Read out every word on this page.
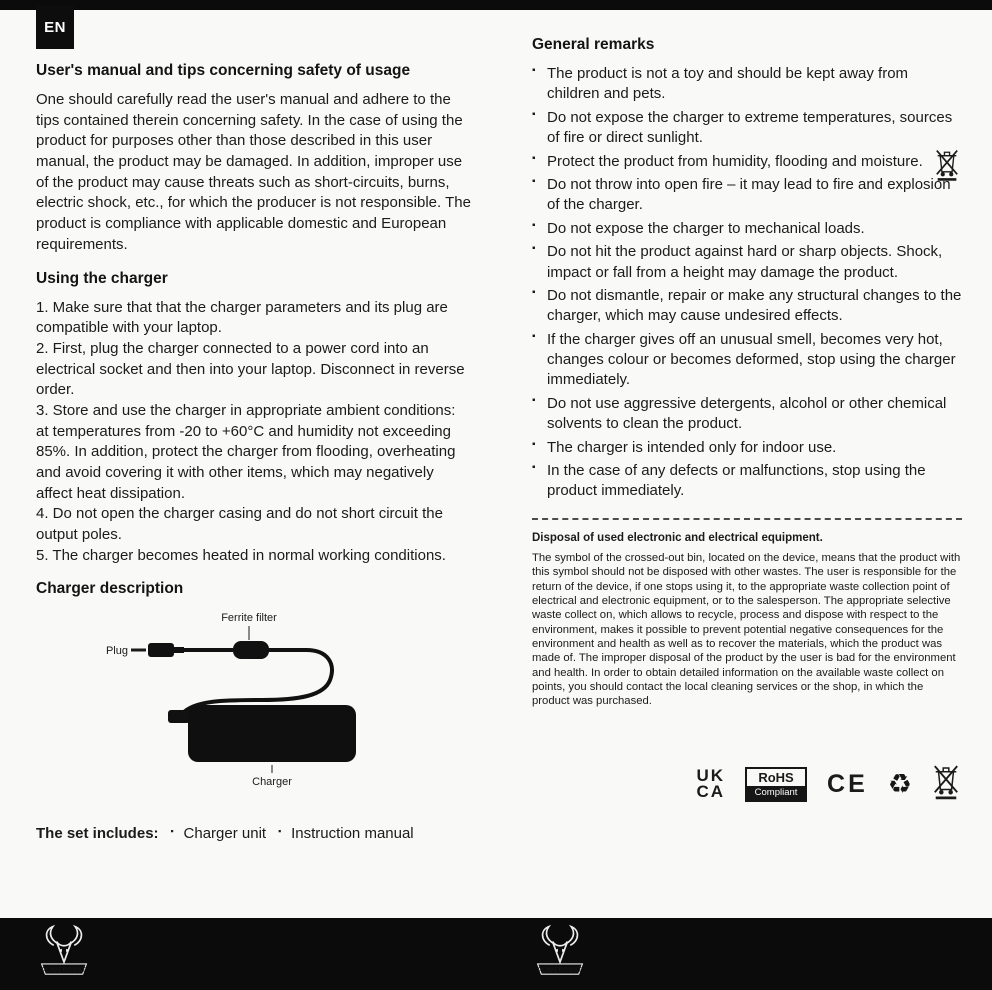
EN
User's manual and tips concerning safety of usage

One should carefully read the user's manual and adhere to the tips contained therein concerning safety. In the case of using the product for purposes other than those described in this user manual, the product may be damaged. In addition, improper use of the product may cause threats such as short-circuits, burns, electric shock, etc., for which the producer is not responsible. The product is compliance with applicable domestic and European requirements.

Using the charger
1. Make sure that that the charger parameters and its plug are compatible with your laptop.
2. First, plug the charger connected to a power cord into an electrical socket and then into your laptop. Disconnect in reverse order.
3. Store and use the charger in appropriate ambient conditions: at temperatures from -20 to +60°C and humidity not exceeding 85%. In addition, protect the charger from flooding, overheating and avoid covering it with other items, which may negatively affect heat dissipation.
4. Do not open the charger casing and do not short circuit the output poles.
5. The charger becomes heated in normal working conditions.
Charger description
Ferrite filter
Plug
Charger
The set includes:	▪ Charger unit	▪ Instruction manual
General remarks
▪ The product is not a toy and should be kept away from children and pets.
▪ Do not expose the charger to extreme temperatures, sources of fire or direct sunlight.
▪ Protect the product from humidity, flooding and moisture.
▪ Do not throw into open fire – it may lead to fire and explosion of the charger.
▪ Do not expose the charger to mechanical loads.
▪ Do not hit the product against hard or sharp objects. Shock, impact or fall from a height may damage the product.
▪ Do not dismantle, repair or make any structural changes to the charger, which may cause undesired effects.
▪ If the charger gives off an unusual smell, becomes very hot, changes colour or becomes deformed, stop using the charger immediately.
▪ Do not use aggressive detergents, alcohol or other chemical solvents to clean the product.
▪ The charger is intended only for indoor use.
▪ In the case of any defects or malfunctions, stop using the product immediately.
Disposal of used electronic and electrical equipment.

The symbol of the crossed-out bin, located on the device, means that the product with this symbol should not be disposed with other wastes. The user is responsible for the return of the device, if one stops using it, to the appropriate waste collection point of electrical and electronic equipment, or to the salesperson. The appropriate selective waste collect on, which allows to recycle, process and dispose with respect to the environment, makes it possible to prevent potential negative consequences for the environment and health as well as to recover the materials, which the product was made of. The improper disposal of the product by the user is bad for the environment and health. In order to obtain detailed information on the available waste collect on points, you should contact the local cleaning services or the shop, in which the product was purchased.

UK
CA
RoHS
Compliant	CE ♻
POWERGOAT	POWERGOAT
